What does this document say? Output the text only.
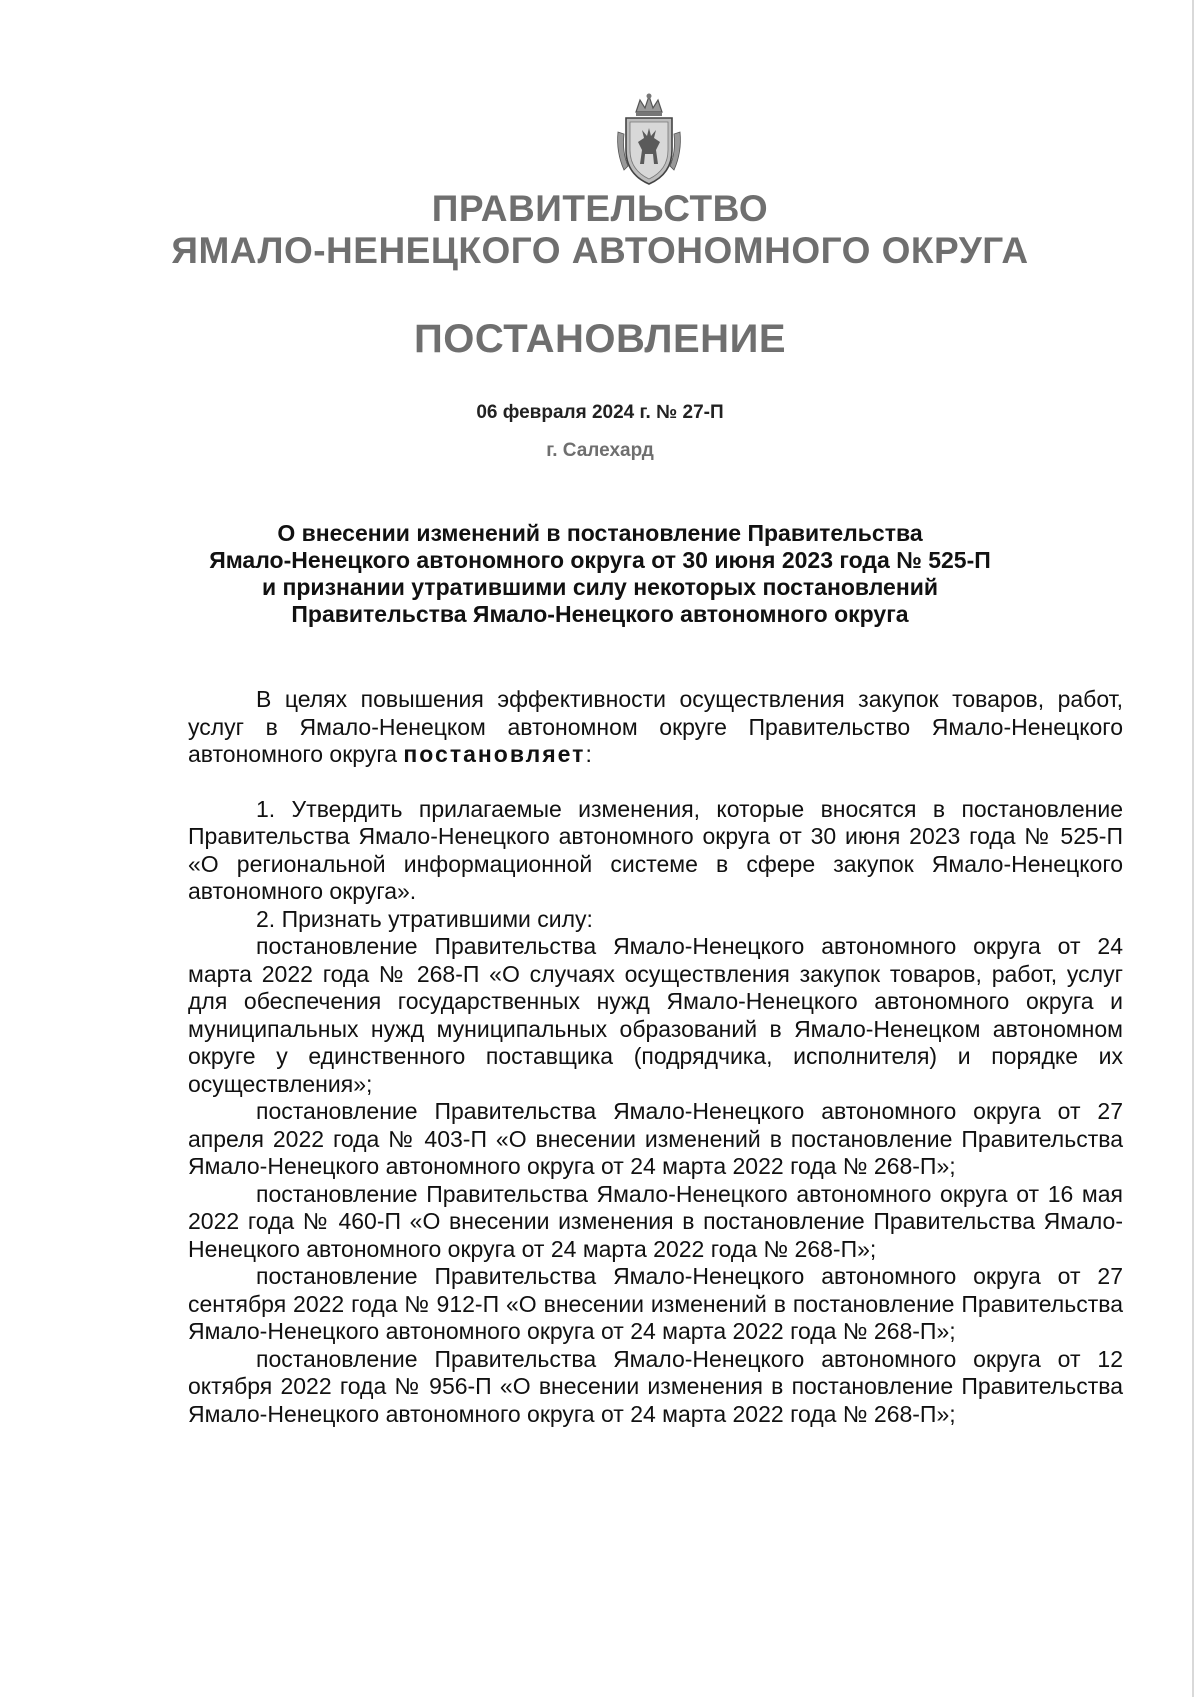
ПРАВИТЕЛЬСТВО
ЯМАЛО-НЕНЕЦКОГО АВТОНОМНОГО ОКРУГА
ПОСТАНОВЛЕНИЕ
06 февраля 2024 г. № 27-П
г. Салехард
О внесении изменений в постановление Правительства
Ямало-Ненецкого автономного округа от 30 июня 2023 года № 525-П
и признании утратившими силу некоторых постановлений
Правительства Ямало-Ненецкого автономного округа

В целях повышения эффективности осуществления закупок товаров, работ, услуг в Ямало-Ненецком автономном округе Правительство Ямало-Ненецкого автономного округа постановляет:

1. Утвердить прилагаемые изменения, которые вносятся в постановление Правительства Ямало-Ненецкого автономного округа от 30 июня 2023 года № 525-П «О региональной информационной системе в сфере закупок Ямало-Ненецкого автономного округа».

2. Признать утратившими силу:

постановление Правительства Ямало-Ненецкого автономного округа от 24 марта 2022 года № 268-П «О случаях осуществления закупок товаров, работ, услуг для обеспечения государственных нужд Ямало-Ненецкого автономного округа и муниципальных нужд муниципальных образований в Ямало-Ненецком автономном округе у единственного поставщика (подрядчика, исполнителя) и порядке их осуществления»;

постановление Правительства Ямало-Ненецкого автономного округа от 27 апреля 2022 года № 403-П «О внесении изменений в постановление Правительства Ямало-Ненецкого автономного округа от 24 марта 2022 года № 268-П»;

постановление Правительства Ямало-Ненецкого автономного округа от 16 мая 2022 года № 460-П «О внесении изменения в постановление Правительства Ямало-Ненецкого автономного округа от 24 марта 2022 года № 268-П»;

постановление Правительства Ямало-Ненецкого автономного округа от 27 сентября 2022 года № 912-П «О внесении изменений в постановление Правительства Ямало-Ненецкого автономного округа от 24 марта 2022 года № 268-П»;

постановление Правительства Ямало-Ненецкого автономного округа от 12 октября 2022 года № 956-П «О внесении изменения в постановление Правительства Ямало-Ненецкого автономного округа от 24 марта 2022 года № 268-П»;
